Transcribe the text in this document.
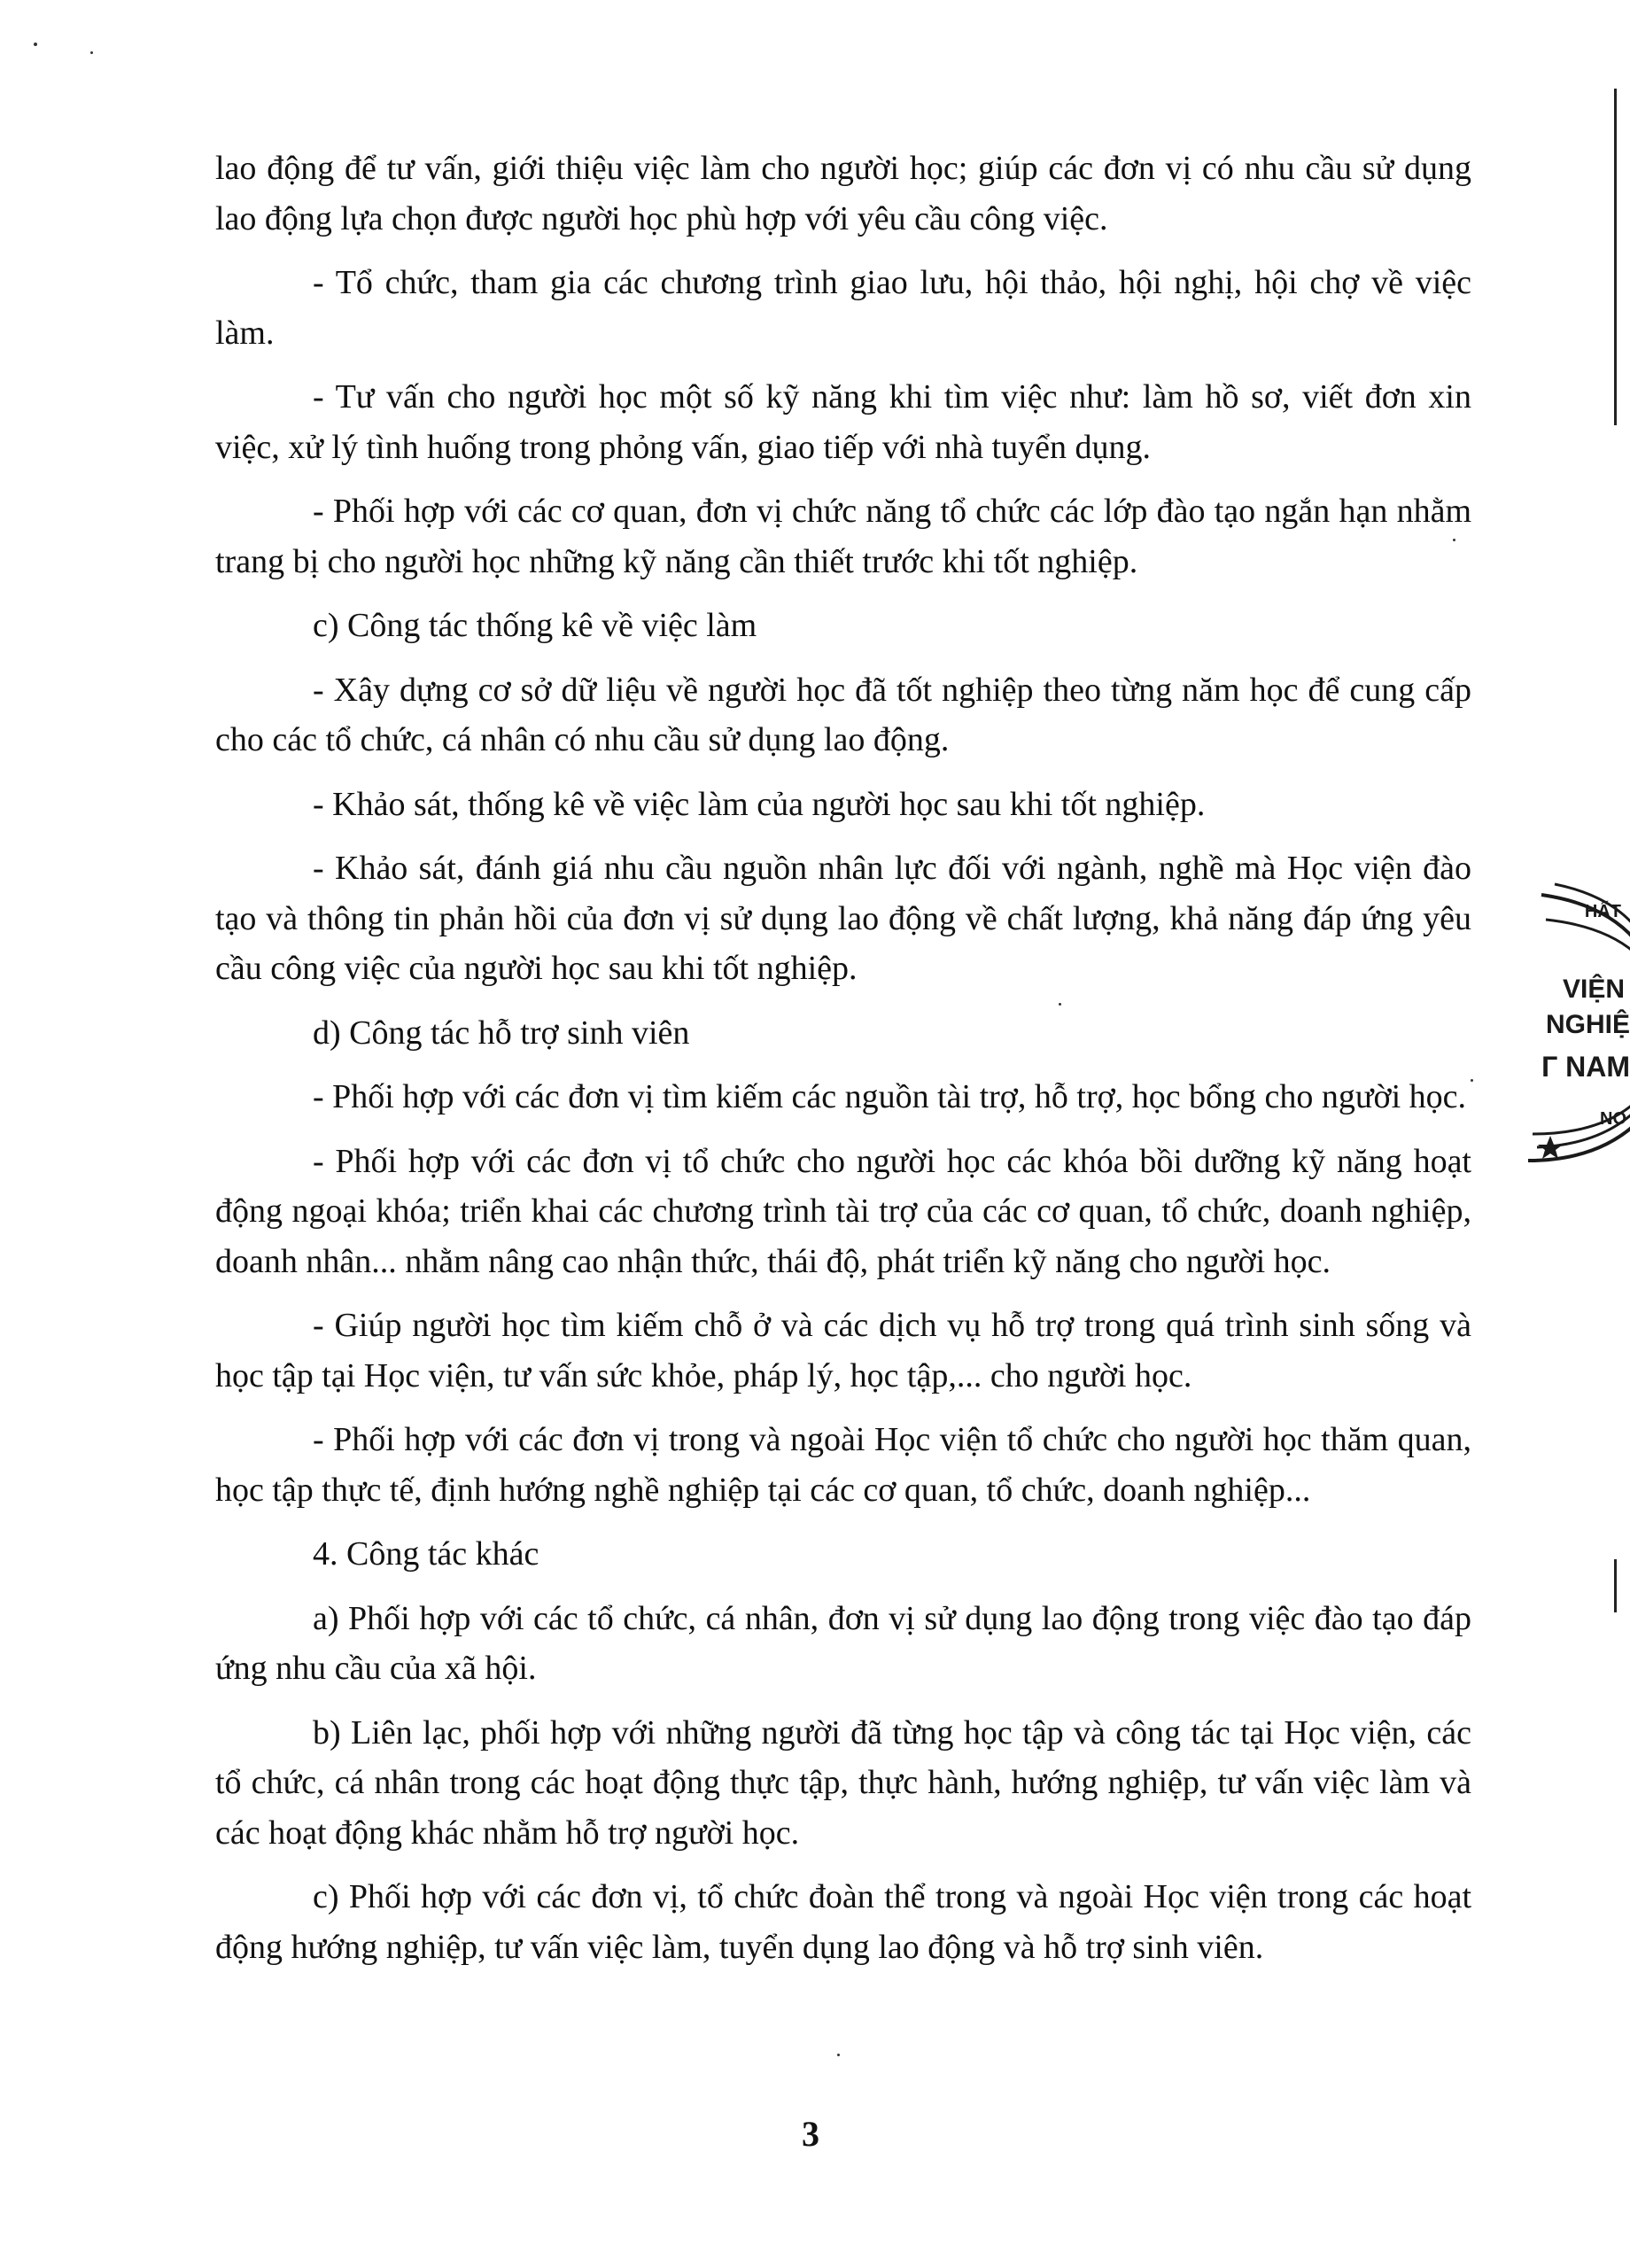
lao động để tư vấn, giới thiệu việc làm cho người học; giúp các đơn vị có nhu cầu sử dụng lao động lựa chọn được người học phù hợp với yêu cầu công việc.

- Tổ chức, tham gia các chương trình giao lưu, hội thảo, hội nghị, hội chợ về việc làm.

- Tư vấn cho người học một số kỹ năng khi tìm việc như: làm hồ sơ, viết đơn xin việc, xử lý tình huống trong phỏng vấn, giao tiếp với nhà tuyển dụng.

- Phối hợp với các cơ quan, đơn vị chức năng tổ chức các lớp đào tạo ngắn hạn nhằm trang bị cho người học những kỹ năng cần thiết trước khi tốt nghiệp.

c) Công tác thống kê về việc làm

- Xây dựng cơ sở dữ liệu về người học đã tốt nghiệp theo từng năm học để cung cấp cho các tổ chức, cá nhân có nhu cầu sử dụng lao động.

- Khảo sát, thống kê về việc làm của người học sau khi tốt nghiệp.

- Khảo sát, đánh giá nhu cầu nguồn nhân lực đối với ngành, nghề mà Học viện đào tạo và thông tin phản hồi của đơn vị sử dụng lao động về chất lượng, khả năng đáp ứng yêu cầu công việc của người học sau khi tốt nghiệp.

d) Công tác hỗ trợ sinh viên

- Phối hợp với các đơn vị tìm kiếm các nguồn tài trợ, hỗ trợ, học bổng cho người học.

- Phối hợp với các đơn vị tổ chức cho người học các khóa bồi dưỡng kỹ năng hoạt động ngoại khóa; triển khai các chương trình tài trợ của các cơ quan, tổ chức, doanh nghiệp, doanh nhân... nhằm nâng cao nhận thức, thái độ, phát triển kỹ năng cho người học.

- Giúp người học tìm kiếm chỗ ở và các dịch vụ hỗ trợ trong quá trình sinh sống và học tập tại Học viện, tư vấn sức khỏe, pháp lý, học tập,... cho người học.

- Phối hợp với các đơn vị trong và ngoài Học viện tổ chức cho người học thăm quan, học tập thực tế, định hướng nghề nghiệp tại các cơ quan, tổ chức, doanh nghiệp...

4. Công tác khác

a) Phối hợp với các tổ chức, cá nhân, đơn vị sử dụng lao động trong việc đào tạo đáp ứng nhu cầu của xã hội.

b) Liên lạc, phối hợp với những người đã từng học tập và công tác tại Học viện, các tổ chức, cá nhân trong các hoạt động thực tập, thực hành, hướng nghiệp, tư vấn việc làm và các hoạt động khác nhằm hỗ trợ người học.

c) Phối hợp với các đơn vị, tổ chức đoàn thể trong và ngoài Học viện trong các hoạt động hướng nghiệp, tư vấn việc làm, tuyển dụng lao động và hỗ trợ sinh viên.

3
HẤT
VIỆN
NGHIỆ
Г NAM
NO
